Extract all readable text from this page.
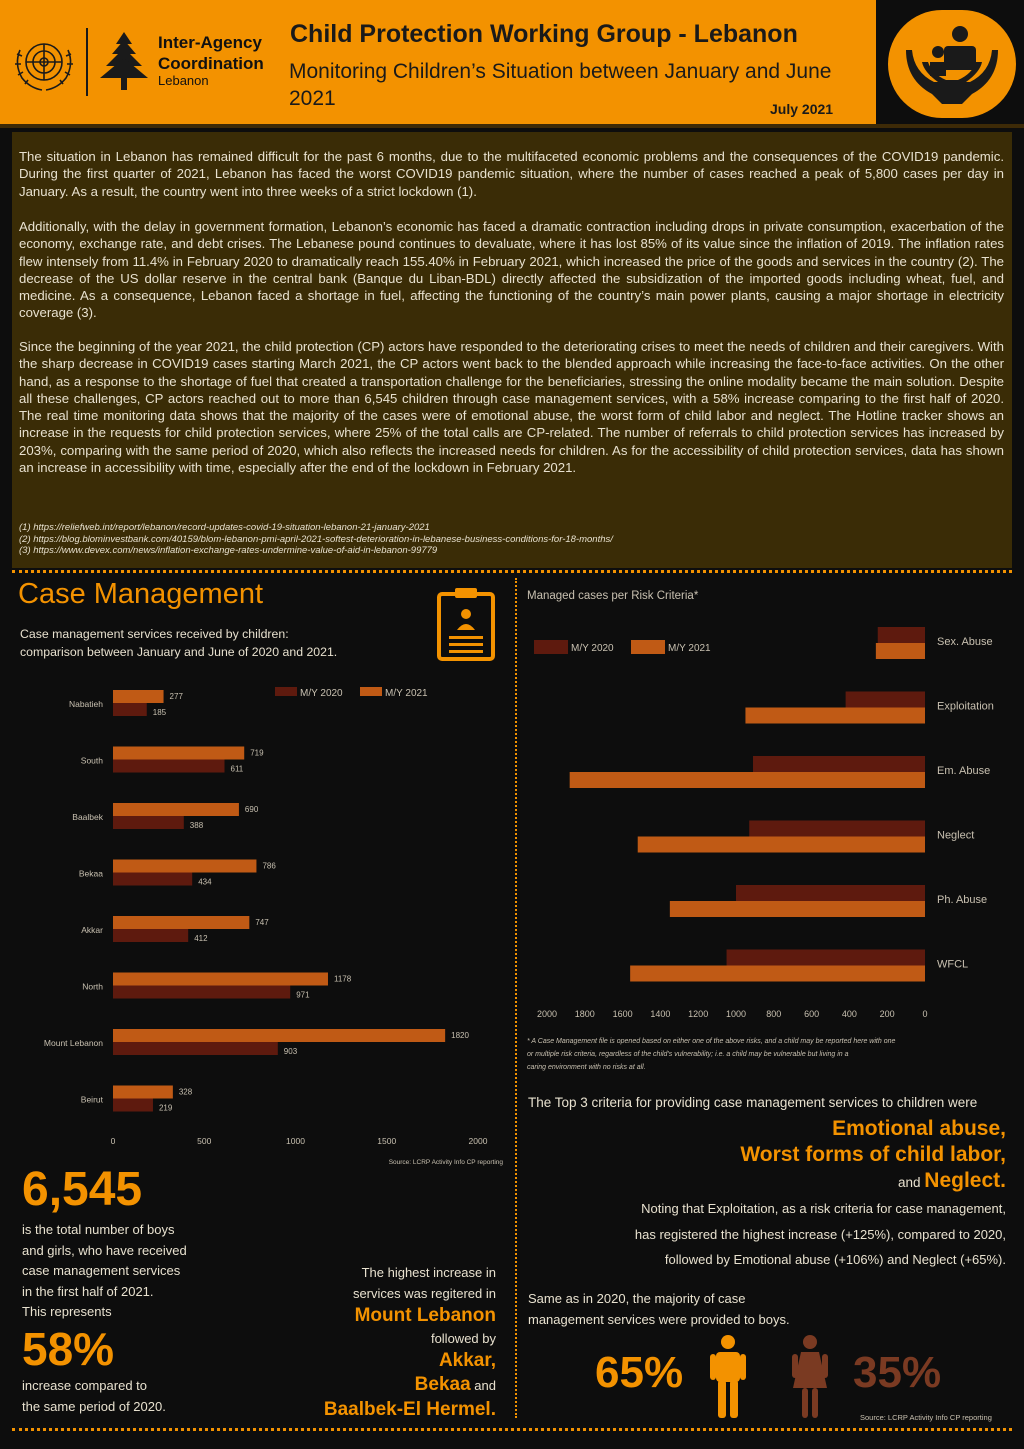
Inter-Agency
Coordination
Lebanon
Child Protection Working Group - Lebanon
Monitoring Children’s Situation between January and June 2021	July 2021

The situation in Lebanon has remained difficult for the past 6 months, due to the multifaceted economic problems and the consequences of the COVID19 pandemic. During the first quarter of 2021, Lebanon has faced the worst COVID19 pandemic situation, where the number of cases reached a peak of 5,800 cases per day in January. As a result, the country went into three weeks of a strict lockdown (1).

Additionally, with the delay in government formation, Lebanon’s economic has faced a dramatic contraction including drops in private consumption, exacerbation of the economy, exchange rate, and debt crises. The Lebanese pound continues to devaluate, where it has lost 85% of its value since the inflation of 2019. The inflation rates flew intensely from 11.4% in February 2020 to dramatically reach 155.40% in February 2021, which increased the price of the goods and services in the country (2). The decrease of the US dollar reserve in the central bank (Banque du Liban-BDL) directly affected the subsidization of the imported goods including wheat, fuel, and medicine. As a consequence, Lebanon faced a shortage in fuel, affecting the functioning of the country’s main power plants, causing a major shortage in electricity coverage (3).

Since the beginning of the year 2021, the child protection (CP) actors have responded to the deteriorating crises to meet the needs of children and their caregivers. With the sharp decrease in COVID19 cases starting March 2021, the CP actors went back to the blended approach while increasing the face-to-face activities. On the other hand, as a response to the shortage of fuel that created a transportation challenge for the beneficiaries, stressing the online modality became the main solution. Despite all these challenges, CP actors reached out to more than 6,545 children through case management services, with a 58% increase comparing to the first half of 2020. The real time monitoring data shows that the majority of the cases were of emotional abuse, the worst form of child labor and neglect. The Hotline tracker shows an increase in the requests for child protection services, where 25% of the total calls are CP-related. The number of referrals to child protection services has increased by 203%, comparing with the same period of 2020, which also reflects the increased needs for children. As for the accessibility of child protection services, data has shown an increase in accessibility with time, especially after the end of the lockdown in February 2021.

(1) https://reliefweb.int/report/lebanon/record-updates-covid-19-situation-lebanon-21-january-2021
(2) https://blog.blominvestbank.com/40159/blom-lebanon-pmi-april-2021-softest-deterioration-in-lebanese-business-conditions-for-18-months/
(3) https://www.devex.com/news/inflation-exchange-rates-undermine-value-of-aid-in-lebanon-99779
Case Management
Case management services received by children:
comparison between January and June of 2020 and 2021.
M/Y 2020	M/Y 2021
Nabatieh
277
185
South
719
611
Baalbek
690
388
Bekaa
786
434
Akkar
747
412
North
1178
971
Mount Lebanon
1820
903
Beirut
328
219
0	500	1000	1500	2000
Source: LCRP Activity Info CP reporting
6,545
is the total number of boys
and girls, who have received
case management services
in the first half of 2021.
This represents
58%
increase compared to
the same period of 2020.
The highest increase in
services was regitered in
Mount Lebanon
followed by
Akkar,
Bekaa and
Baalbek-El Hermel.
Managed cases per Risk Criteria*
M/Y 2020	M/Y 2021
Sex. Abuse
Exploitation
Em. Abuse
Neglect
Ph. Abuse
WFCL
2000 1800 1600 1400 1200 1000 800	600	400	200	0
* A Case Management file is opened based on either one of the above risks, and a child may be reported here with one or multiple risk criteria, regardless of the child's vulnerability; i.e. a child may be vulnerable but living in a caring environment with no risks at all.
The Top 3 criteria for providing case management services to children were
Emotional abuse,
Worst forms of child labor,
and Neglect.
Noting that Exploitation, as a risk criteria for case management,
has registered the highest increase (+125%), compared to 2020,
followed by Emotional abuse (+106%) and Neglect (+65%).
Same as in 2020, the majority of case
management services were provided to boys.
65%	35%
Source: LCRP Activity Info CP reporting
